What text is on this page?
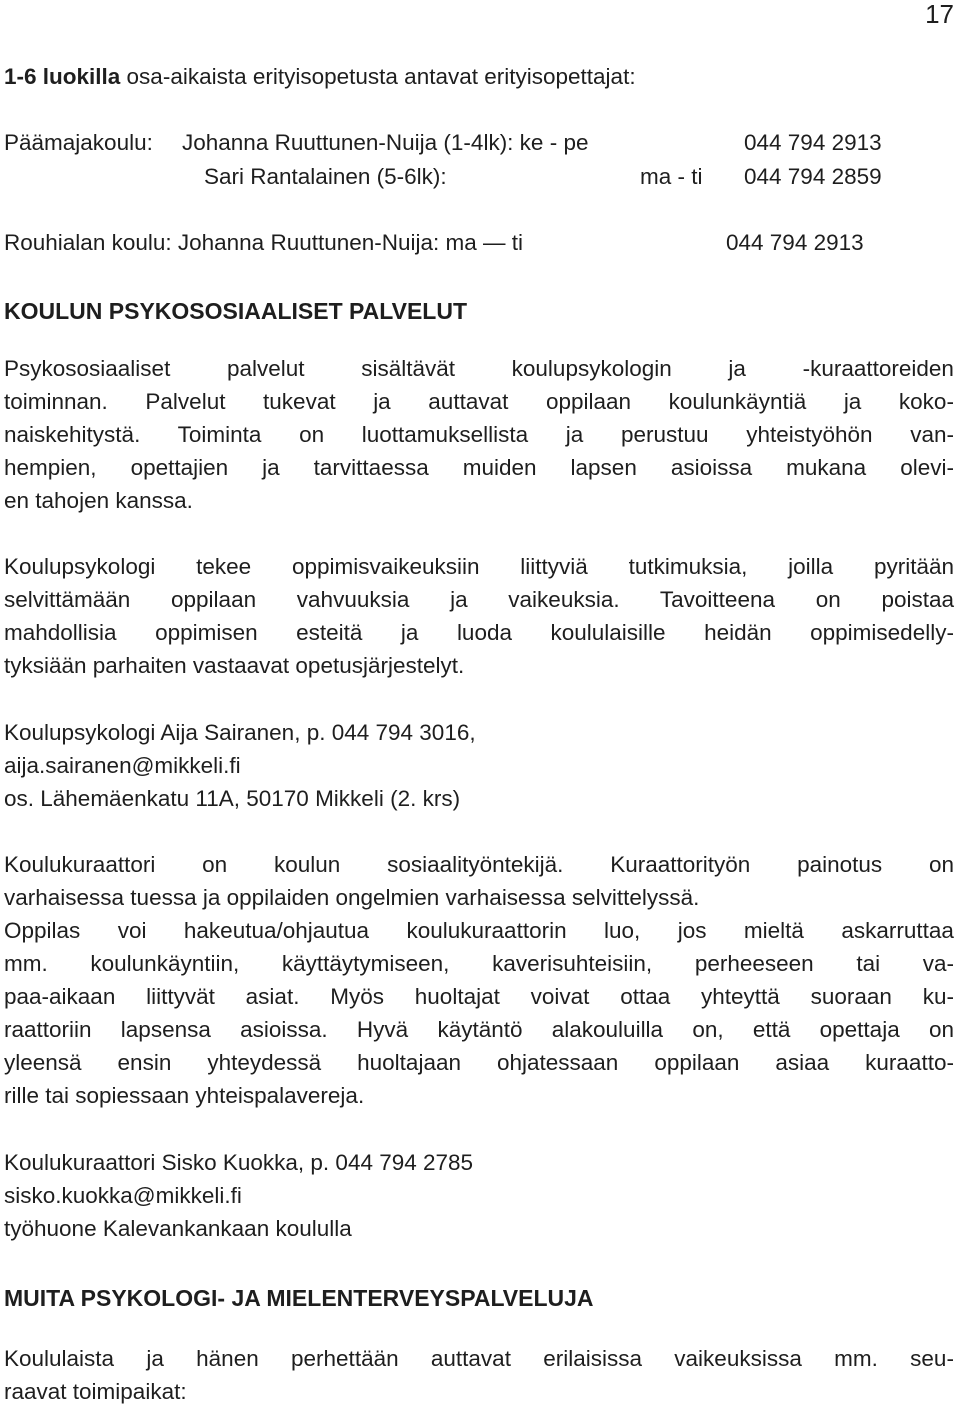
17
1-6 luokilla osa-aikaista erityisopetusta antavat erityisopettajat:
Päämajakoulu: Johanna Ruuttunen-Nuija (1-4lk): ke - pe	044 794 2913
Sari Rantalainen (5-6lk):	ma - ti 044 794 2859
Rouhialan koulu: Johanna Ruuttunen-Nuija: ma — ti	044 794 2913
KOULUN PSYKOSOSIAALISET PALVELUT
Psykososiaaliset	palvelut	sisältävät	koulupsykologin	ja	-kuraattoreiden
toiminnan. Palvelut tukevat ja auttavat oppilaan koulunkäyntiä ja koko-
naiskehitystä. Toiminta on luottamuksellista ja perustuu yhteistyöhön van-
hempien, opettajien ja tarvittaessa muiden lapsen asioissa mukana olevi-
en tahojen kanssa.
Koulupsykologi tekee oppimisvaikeuksiin liittyviä tutkimuksia, joilla pyritään
selvittämään oppilaan vahvuuksia ja vaikeuksia. Tavoitteena on poistaa
mahdollisia oppimisen esteitä ja luoda koululaisille heidän oppimisedelly-
tyksiään parhaiten vastaavat opetusjärjestelyt.
Koulupsykologi Aija Sairanen, p. 044 794 3016,
aija.sairanen@mikkeli.fi
os. Lähemäenkatu 11A, 50170 Mikkeli (2. krs)
Koulukuraattori on koulun sosiaalityöntekijä. Kuraattorityön painotus on
varhaisessa tuessa ja oppilaiden ongelmien varhaisessa selvittelyssä.
Oppilas voi hakeutua/ohjautua koulukuraattorin luo, jos mieltä askarruttaa
mm. koulunkäyntiin, käyttäytymiseen, kaverisuhteisiin, perheeseen tai va-
paa-aikaan liittyvät asiat. Myös huoltajat voivat ottaa yhteyttä suoraan ku-
raattoriin lapsensa asioissa. Hyvä käytäntö alakouluilla on, että opettaja on
yleensä ensin yhteydessä huoltajaan ohjatessaan oppilaan asiaa kuraatto-
rille tai sopiessaan yhteispalavereja.
Koulukuraattori Sisko Kuokka, p. 044 794 2785
sisko.kuokka@mikkeli.fi
työhuone Kalevankankaan koululla
MUITA PSYKOLOGI- JA MIELENTERVEYSPALVELUJA
Koululaista ja hänen perhettään auttavat erilaisissa vaikeuksissa mm. seu-
raavat toimipaikat:
